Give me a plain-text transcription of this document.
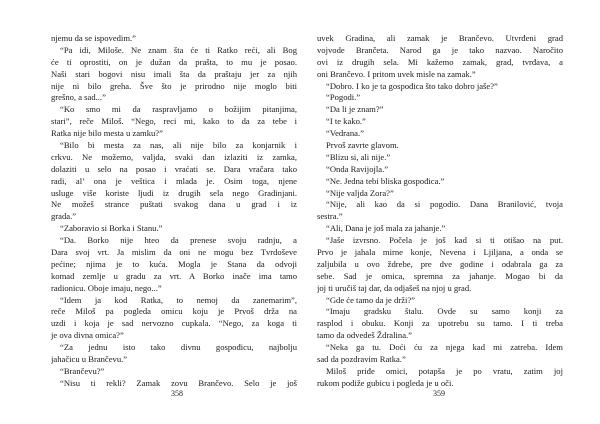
njemu da se ispovedim.”
“Pa idi, Miloše. Ne znam šta će ti Ratko reći, ali Bog
će ti oprostiti, on je dužan da prašta, to mu je posao.
Naši stari bogovi nisu imali šta da praštaju jer za njih
nije ni bilo greha. Šve što je prirodno nije moglo biti
grešno, a sad...”
“Ko smo mi da raspravljamo o božijim pitanjima,
stari”, reče Miloš. “Nego, reci mi, kako to da za tebe i
Ratka nije bilo mesta u zamku?”
“Bilo bi mesta za nas, ali nije bilo za konjarnik i
crkvu. Ne možemo, valjda, svaki dan izlaziti iz zamka,
dolaziti u selo na posao i vraćati se. Dara vračara tako
radi, al’ ona je veštica i mlada je. Osim toga, njene
usluge više koriste ljudi iz drugih sela nego Gradinjani.
Ne možeš strance puštati svakog dana u grad i iz
grada.”
“Zaboravio si Borka i Stanu.”
“Da. Borko nije hteo da prenese svoju radnju, a
Dara svoj vrt. Ja mislim da oni ne mogu bez Tvrdoševe
pećine; njima je to kuća. Mogla je Stana da odvoji
komad zemlje u gradu za vrt. A Borko inače ima tamo
radionicu. Oboje imaju, nego...”
“Idem ja kod Ratka, to nemoj da zanemarim”,
reče Miloš pa pogleda omicu koju je Prvoš drža na
uzdi i koja je sad nervozno cupkala. “Nego, za koga ti
je ova divna omica?”
“Za jednu isto tako divnu gospođicu, najbolju
jahačicu u Brančevu.”
“Brančevu?”
“Nisu ti rekli? Zamak zovu Brančevo. Selo je još
358
uvek Gradina, ali zamak je Brančevo. Utvrđeni grad
vojvode Brančeta. Narod ga je tako nazvao. Naročito
ovi iz drugih sela. Mi kažemo zamak, grad, tvrđava, a
oni Brančevo. I pritom uvek misle na zamak.”
“Dobro. I ko je ta gospođica što tako dobro jaše?”
“Pogodi.”
“Da li je znam?”
“I te kako.”
“Vedrana.”
Prvoš zavrte glavom.
“Blizu si, ali nije.”
“Onda Ravijojla.”
“Ne. Jedna tebi bliska gospođica.”
“Nije valjda Zora?”
“Nije, ali kao da si pogodio. Dana Branilović, tvoja
sestra.”
“Ali, Dana je još mala za jahanje.”
“Jaše izvrsno. Počela je još kad si ti otišao na put.
Prvo je jahala mirne konje, Nevena i Ljiljana, a onda se
zaljubila u ovo ždrebe, pre dve godine i odabrala ga za
sebe. Sad je omica, spremna za jahanje. Mogao bi da
joj ti uručiš taj dar, da odjašeš na njoj u grad.
“Gde će tamo da je drži?”
“Imaju gradsku štalu. Ovde su samo konji za
rasplod i obuku. Konji za upotrebu su tamo. I ti treba
tamo da odvedeš Ždralina.”
“Neka ga tu. Doći ću za njega kad mi zatreba. Idem
sad da pozdravim Ratka.”
Miloš priđe omici, potapša je po vratu, zatim joj
rukom podiže gubicu i pogleda je u oči.
359
